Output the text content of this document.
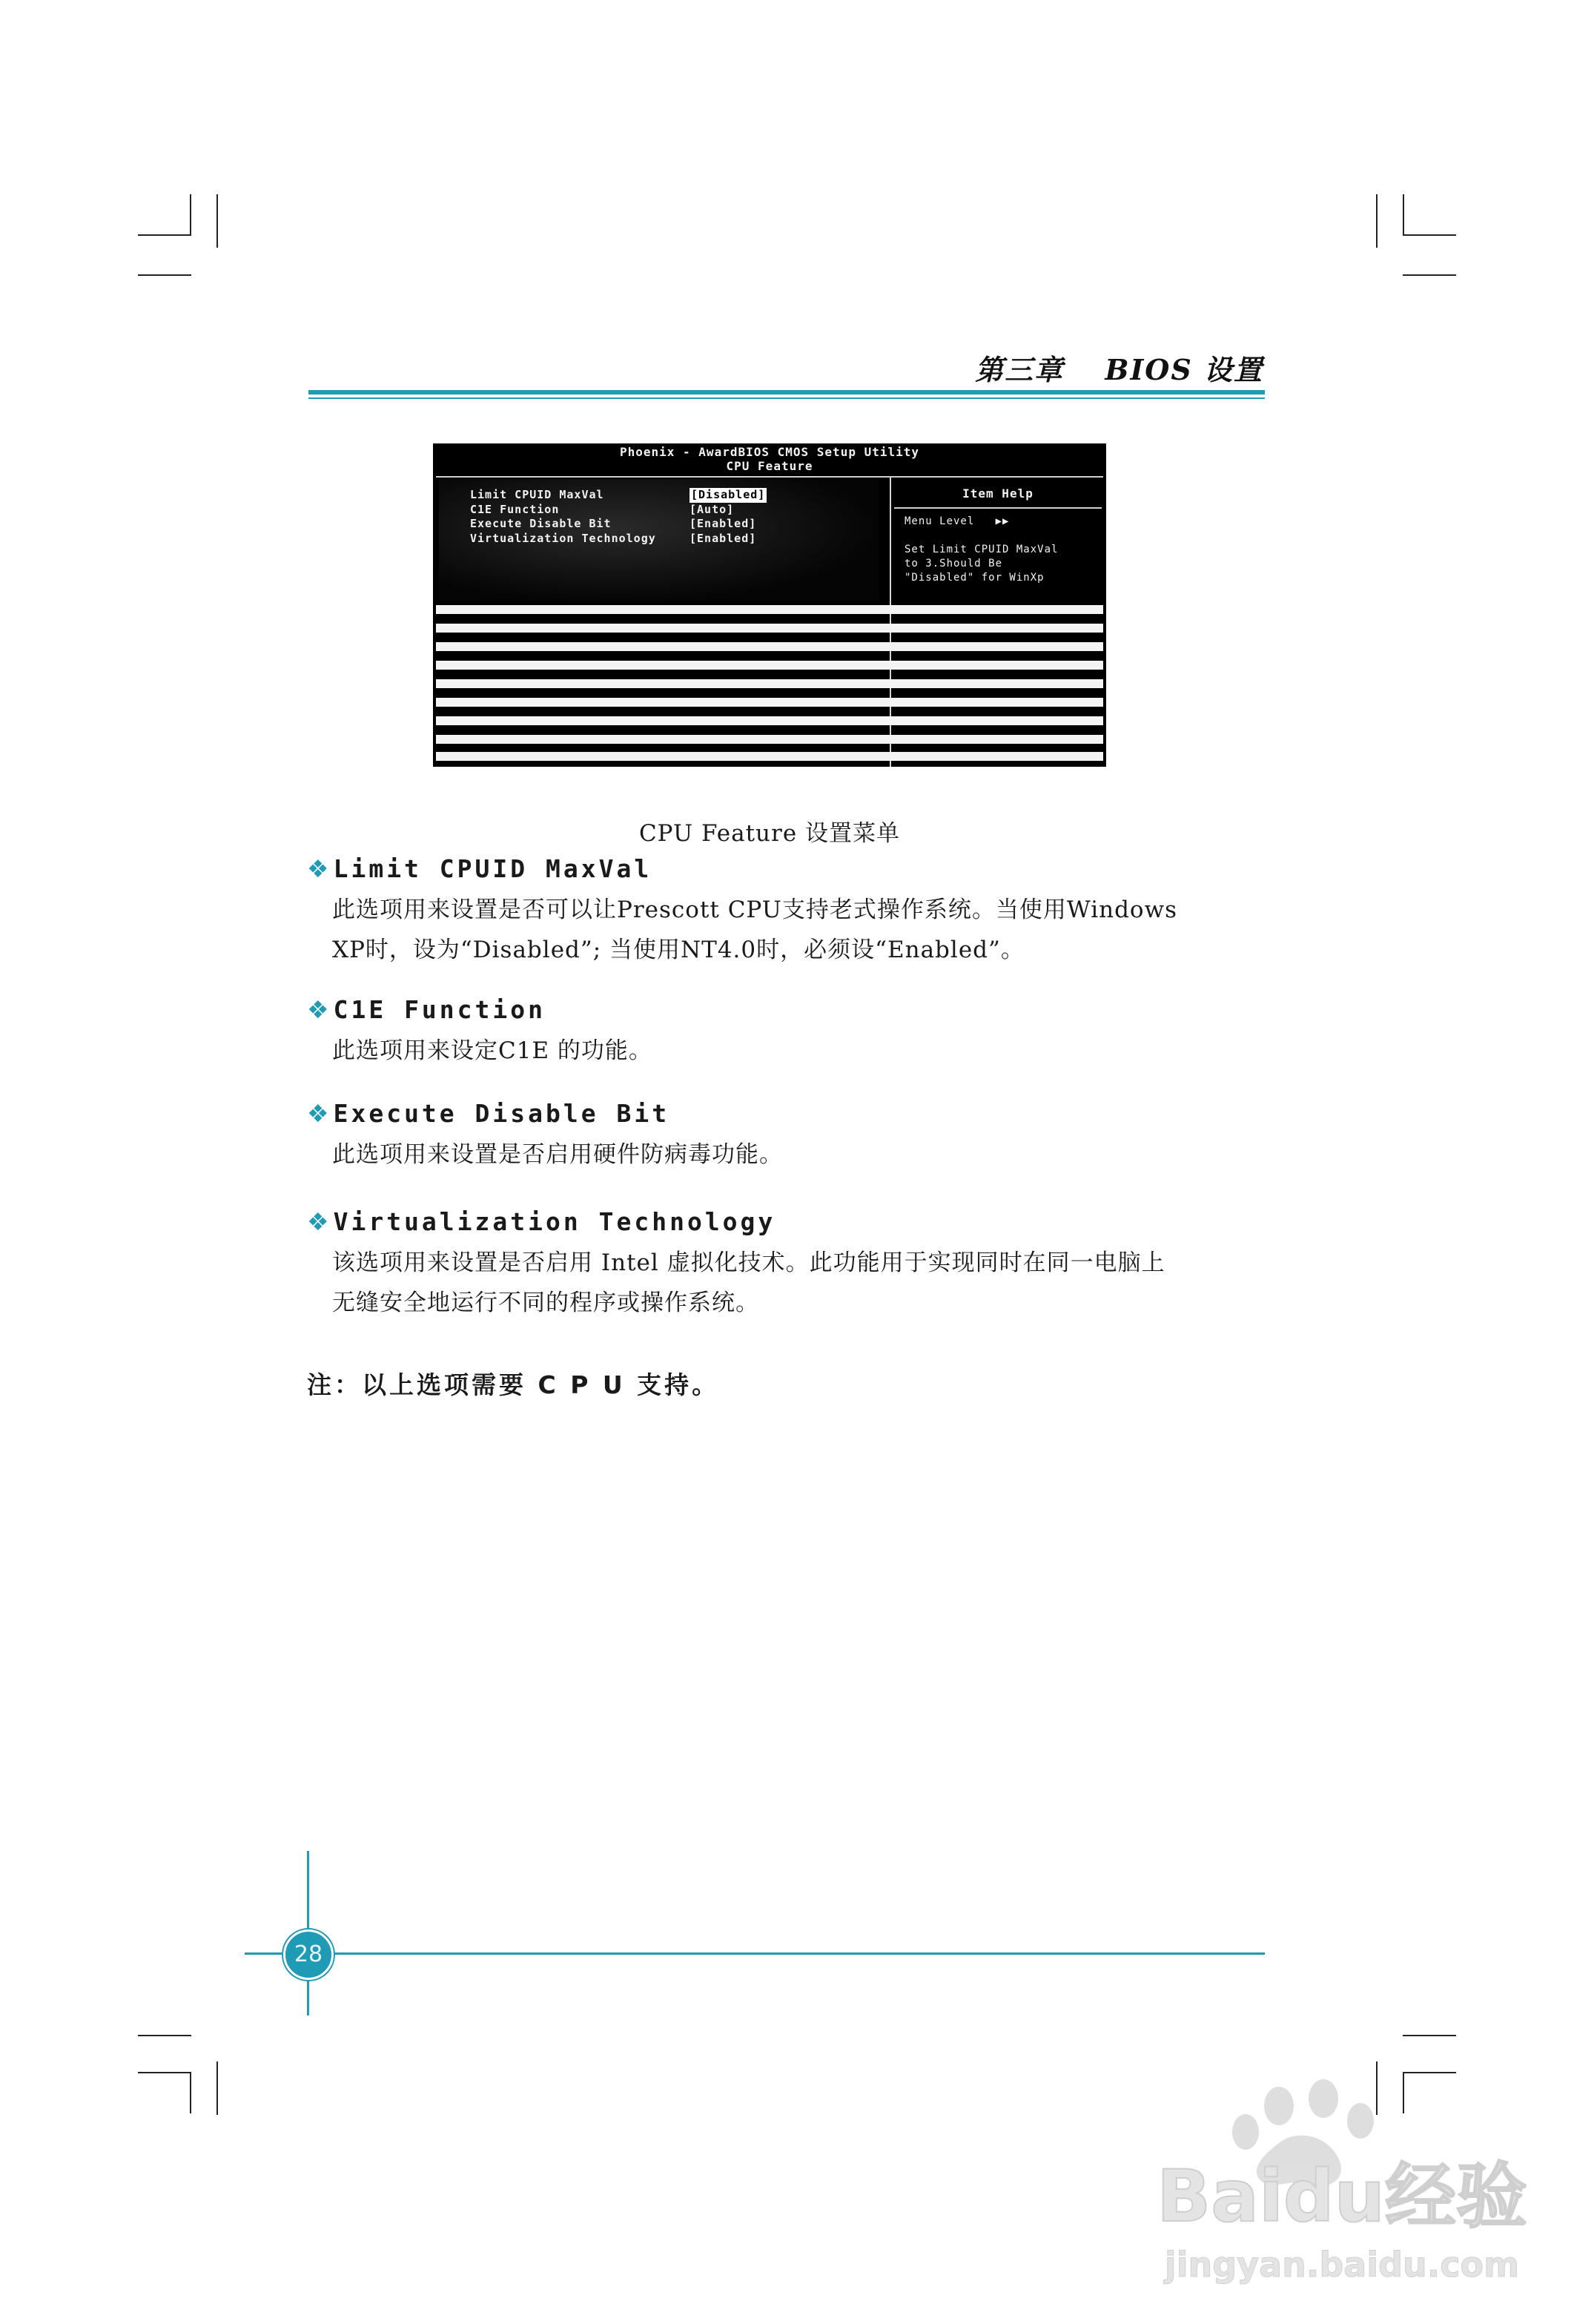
第三章　 BIOS 设置
Phoenix - AwardBIOS CMOS Setup Utility
CPU Feature
Limit CPUID MaxVal	[Disabled]
C1E Function	[Auto]
Execute Disable Bit	[Enabled]
Virtualization Technology	[Enabled]
Item Help
Menu Level   ▶▶
Set Limit CPUID MaxVal
to 3.Should Be
"Disabled" for WinXp
CPU Feature 设置菜单
❖Limit CPUID MaxVal

此选项用来设置是否可以让Prescott CPU支持老式操作系统。当使用Windows

XP时，设为“Disabled”; 当使用NT4.0时，必须设“Enabled”。

❖C1E Function

此选项用来设定C1E 的功能。

❖Execute Disable Bit

此选项用来设置是否启用硬件防病毒功能。

❖Virtualization Technology

该选项用来设置是否启用 Intel 虚拟化技术。此功能用于实现同时在同一电脑上

无缝安全地运行不同的程序或操作系统。

注：以上选项需要 C P U 支持。
28
Baidu经验
jingyan.baidu.com
